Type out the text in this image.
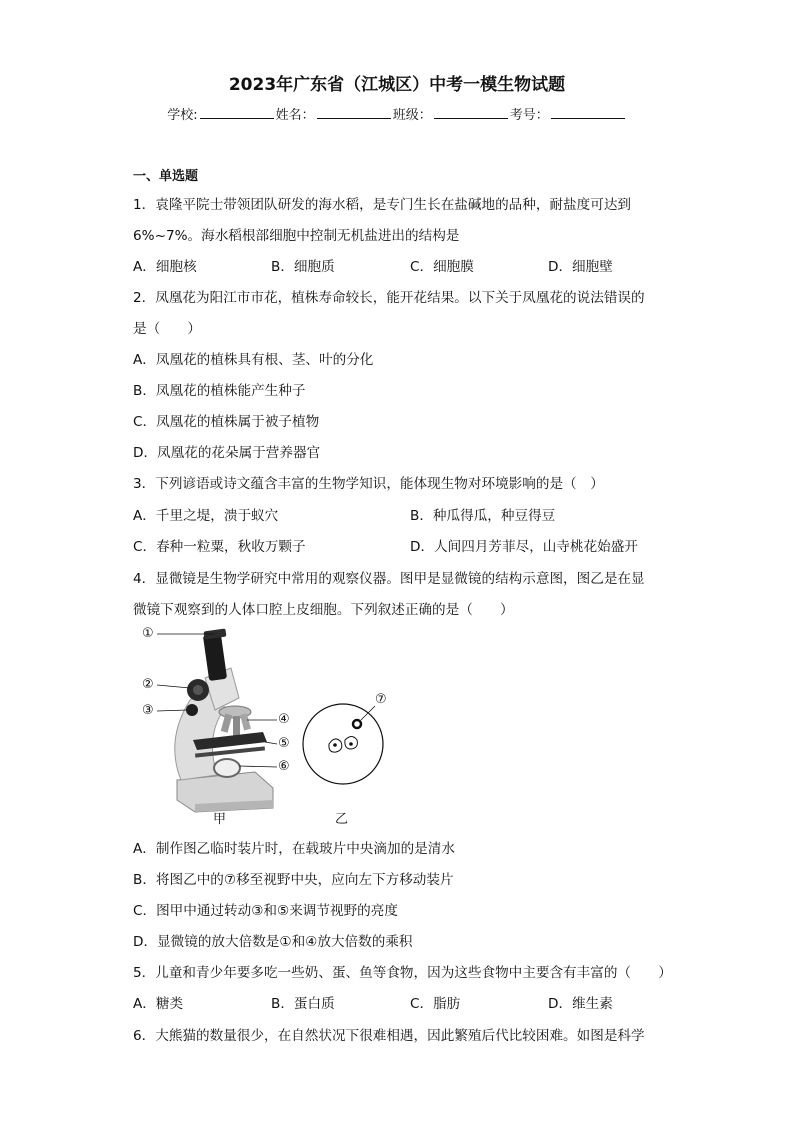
2023年广东省（江城区）中考一模生物试题
学校:	姓名：	班级：	考号：
一、单选题
1．袁隆平院士带领团队研发的海水稻，是专门生长在盐碱地的品种，耐盐度可达到
6%~7%。海水稻根部细胞中控制无机盐进出的结构是
A．细胞核	B．细胞质	C．细胞膜	D．细胞壁
2．凤凰花为阳江市市花，植株寿命较长，能开花结果。以下关于凤凰花的说法错误的
是（　　）
A．凤凰花的植株具有根、茎、叶的分化
B．凤凰花的植株能产生种子
C．凤凰花的植株属于被子植物
D．凤凰花的花朵属于营养器官
3．下列谚语或诗文蕴含丰富的生物学知识，能体现生物对环境影响的是（　）
A．千里之堤，溃于蚁穴	B．种瓜得瓜，种豆得豆
C．春种一粒粟，秋收万颗子	D．人间四月芳菲尽，山寺桃花始盛开
4．显微镜是生物学研究中常用的观察仪器。图甲是显微镜的结构示意图，图乙是在显
微镜下观察到的人体口腔上皮细胞。下列叙述正确的是（　　）
①
②
③
④
⑤
⑥
⑦
甲	乙
A．制作图乙临时装片时，在载玻片中央滴加的是清水
B．将图乙中的⑦移至视野中央，应向左下方移动装片
C．图甲中通过转动③和⑤来调节视野的亮度
D．显微镜的放大倍数是①和④放大倍数的乘积
5．儿童和青少年要多吃一些奶、蛋、鱼等食物，因为这些食物中主要含有丰富的（　　）
A．糖类	B．蛋白质	C．脂肪	D．维生素
6．大熊猫的数量很少，在自然状况下很难相遇，因此繁殖后代比较困难。如图是科学
